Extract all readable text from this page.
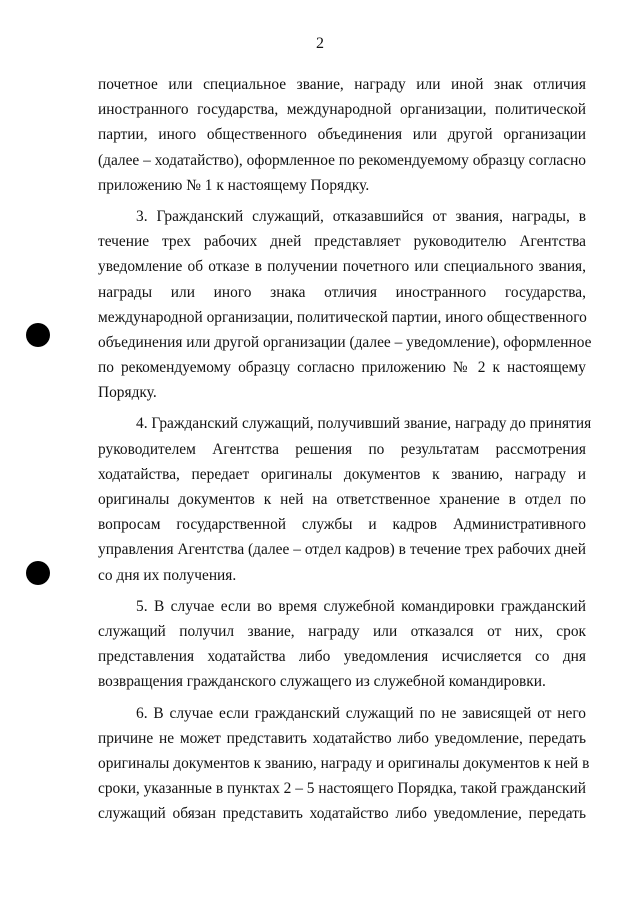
2
почетное или специальное звание, награду или иной знак отличия
иностранного государства, международной организации, политической
партии, иного общественного объединения или другой организации
(далее – ходатайство), оформленное по рекомендуемому образцу согласно
приложению № 1 к настоящему Порядку.
3. Гражданский служащий, отказавшийся от звания, награды, в
течение трех рабочих дней представляет руководителю Агентства
уведомление об отказе в получении почетного или специального звания,
награды или иного знака отличия иностранного государства,
международной организации, политической партии, иного общественного
объединения или другой организации (далее – уведомление), оформленное
по рекомендуемому образцу согласно приложению № 2 к настоящему
Порядку.
4. Гражданский служащий, получивший звание, награду до принятия
руководителем Агентства решения по результатам рассмотрения
ходатайства, передает оригиналы документов к званию, награду и
оригиналы документов к ней на ответственное хранение в отдел по
вопросам государственной службы и кадров Административного
управления Агентства (далее – отдел кадров) в течение трех рабочих дней
со дня их получения.
5. В случае если во время служебной командировки гражданский
служащий получил звание, награду или отказался от них, срок
представления ходатайства либо уведомления исчисляется со дня
возвращения гражданского служащего из служебной командировки.
6. В случае если гражданский служащий по не зависящей от него
причине не может представить ходатайство либо уведомление, передать
оригиналы документов к званию, награду и оригиналы документов к ней в
сроки, указанные в пунктах 2 – 5 настоящего Порядка, такой гражданский
служащий обязан представить ходатайство либо уведомление, передать
